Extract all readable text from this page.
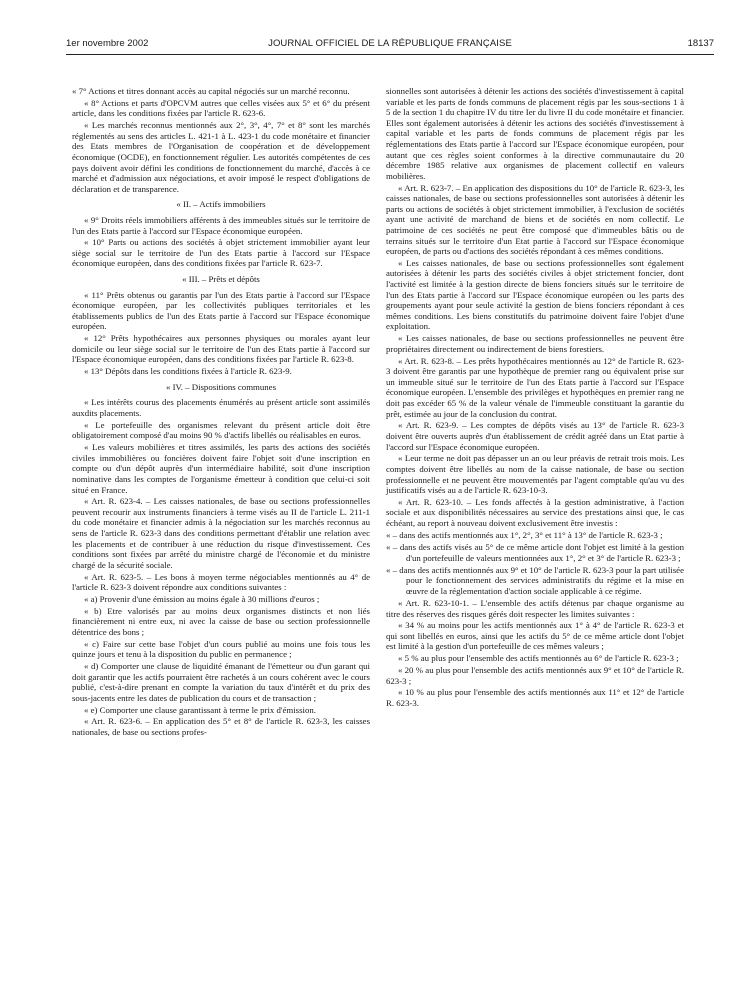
1er novembre 2002	JOURNAL OFFICIEL DE LA RÉPUBLIQUE FRANÇAISE	18137

« 7° Actions et titres donnant accès au capital négociés sur un marché reconnu.

« 8° Actions et parts d'OPCVM autres que celles visées aux 5° et 6° du présent article, dans les conditions fixées par l'article R. 623-6.

« Les marchés reconnus mentionnés aux 2°, 3°, 4°, 7° et 8° sont les marchés réglementés au sens des articles L. 421-1 à L. 423-1 du code monétaire et financier des Etats membres de l'Organisation de coopération et de développement économique (OCDE), en fonctionnement régulier. Les autorités compétentes de ces pays doivent avoir défini les conditions de fonctionnement du marché, d'accès à ce marché et d'admission aux négociations, et avoir imposé le respect d'obligations de déclaration et de transparence.

« II. – Actifs immobiliers

« 9° Droits réels immobiliers afférents à des immeubles situés sur le territoire de l'un des Etats partie à l'accord sur l'Espace économique européen.

« 10° Parts ou actions des sociétés à objet strictement immobilier ayant leur siège social sur le territoire de l'un des Etats partie à l'accord sur l'Espace économique européen, dans des conditions fixées par l'article R. 623-7.

« III. – Prêts et dépôts

« 11° Prêts obtenus ou garantis par l'un des Etats partie à l'accord sur l'Espace économique européen, par les collectivités publiques territoriales et les établissements publics de l'un des Etats partie à l'accord sur l'Espace économique européen.

« 12° Prêts hypothécaires aux personnes physiques ou morales ayant leur domicile ou leur siège social sur le territoire de l'un des Etats partie à l'accord sur l'Espace économique européen, dans des conditions fixées par l'article R. 623-8.

« 13° Dépôts dans les conditions fixées à l'article R. 623-9.

« IV. – Dispositions communes

« Les intérêts courus des placements énumérés au présent article sont assimilés auxdits placements.

« Le portefeuille des organismes relevant du présent article doit être obligatoirement composé d'au moins 90 % d'actifs libellés ou réalisables en euros.

« Les valeurs mobilières et titres assimilés, les parts des actions des sociétés civiles immobilières ou foncières doivent faire l'objet soit d'une inscription en compte ou d'un dépôt auprès d'un intermédiaire habilité, soit d'une inscription nominative dans les comptes de l'organisme émetteur à condition que celui-ci soit situé en France.

« Art. R. 623-4. – Les caisses nationales, de base ou sections professionnelles peuvent recourir aux instruments financiers à terme visés au II de l'article L. 211-1 du code monétaire et financier admis à la négociation sur les marchés reconnus au sens de l'article R. 623-3 dans des conditions permettant d'établir une relation avec les placements et de contribuer à une réduction du risque d'investissement. Ces conditions sont fixées par arrêté du ministre chargé de l'économie et du ministre chargé de la sécurité sociale.

« Art. R. 623-5. – Les bons à moyen terme négociables mentionnés au 4° de l'article R. 623-3 doivent répondre aux conditions suivantes :

« a) Provenir d'une émission au moins égale à 30 millions d'euros ;

« b) Etre valorisés par au moins deux organismes distincts et non liés financièrement ni entre eux, ni avec la caisse de base ou section professionnelle détentrice des bons ;

« c) Faire sur cette base l'objet d'un cours publié au moins une fois tous les quinze jours et tenu à la disposition du public en permanence ;

« d) Comporter une clause de liquidité émanant de l'émetteur ou d'un garant qui doit garantir que les actifs pourraient être rachetés à un cours cohérent avec le cours publié, c'est-à-dire prenant en compte la variation du taux d'intérêt et du prix des sous-jacents entre les dates de publication du cours et de transaction ;

« e) Comporter une clause garantissant à terme le prix d'émission.

« Art. R. 623-6. – En application des 5° et 8° de l'article R. 623-3, les caisses nationales, de base ou sections profes-

sionnelles sont autorisées à détenir les actions des sociétés d'investissement à capital variable et les parts de fonds communs de placement régis par les sous-sections 1 à 5 de la section 1 du chapitre IV du titre Ier du livre II du code monétaire et financier. Elles sont également autorisées à détenir les actions des sociétés d'investissement à capital variable et les parts de fonds communs de placement régis par les réglementations des Etats partie à l'accord sur l'Espace économique européen, pour autant que ces règles soient conformes à la directive communautaire du 20 décembre 1985 relative aux organismes de placement collectif en valeurs mobilières.

« Art. R. 623-7. – En application des dispositions du 10° de l'article R. 623-3, les caisses nationales, de base ou sections professionnelles sont autorisées à détenir les parts ou actions de sociétés à objet strictement immobilier, à l'exclusion de sociétés ayant une activité de marchand de biens et de sociétés en nom collectif. Le patrimoine de ces sociétés ne peut être composé que d'immeubles bâtis ou de terrains situés sur le territoire d'un Etat partie à l'accord sur l'Espace économique européen, de parts ou d'actions des sociétés répondant à ces mêmes conditions.

« Les caisses nationales, de base ou sections professionnelles sont également autorisées à détenir les parts des sociétés civiles à objet strictement foncier, dont l'activité est limitée à la gestion directe de biens fonciers situés sur le territoire de l'un des Etats partie à l'accord sur l'Espace économique européen ou les parts des groupements ayant pour seule activité la gestion de biens fonciers répondant à ces mêmes conditions. Les biens constitutifs du patrimoine doivent faire l'objet d'une exploitation.

« Les caisses nationales, de base ou sections professionnelles ne peuvent être propriétaires directement ou indirectement de biens forestiers.

« Art. R. 623-8. – Les prêts hypothécaires mentionnés au 12° de l'article R. 623-3 doivent être garantis par une hypothèque de premier rang ou équivalent prise sur un immeuble situé sur le territoire de l'un des Etats partie à l'accord sur l'Espace économique européen. L'ensemble des privilèges et hypothèques en premier rang ne doit pas excéder 65 % de la valeur vénale de l'immeuble constituant la garantie du prêt, estimée au jour de la conclusion du contrat.

« Art. R. 623-9. – Les comptes de dépôts visés au 13° de l'article R. 623-3 doivent être ouverts auprès d'un établissement de crédit agréé dans un Etat partie à l'accord sur l'Espace économique européen.

« Leur terme ne doit pas dépasser un an ou leur préavis de retrait trois mois. Les comptes doivent être libellés au nom de la caisse nationale, de base ou section professionnelle et ne peuvent être mouvementés par l'agent comptable qu'au vu des justificatifs visés au a de l'article R. 623-10-3.

« Art. R. 623-10. – Les fonds affectés à la gestion administrative, à l'action sociale et aux disponibilités nécessaires au service des prestations ainsi que, le cas échéant, au report à nouveau doivent exclusivement être investis :

« – dans des actifs mentionnés aux 1°, 2°, 3° et 11° à 13° de l'article R. 623-3 ;

« – dans des actifs visés au 5° de ce même article dont l'objet est limité à la gestion d'un portefeuille de valeurs mentionnées aux 1°, 2° et 3° de l'article R. 623-3 ;

« – dans des actifs mentionnés aux 9° et 10° de l'article R. 623-3 pour la part utilisée pour le fonctionnement des services administratifs du régime et la mise en œuvre de la réglementation d'action sociale applicable à ce régime.

« Art. R. 623-10-1. – L'ensemble des actifs détenus par chaque organisme au titre des réserves des risques gérés doit respecter les limites suivantes :

« 34 % au moins pour les actifs mentionnés aux 1° à 4° de l'article R. 623-3 et qui sont libellés en euros, ainsi que les actifs du 5° de ce même article dont l'objet est limité à la gestion d'un portefeuille de ces mêmes valeurs ;

« 5 % au plus pour l'ensemble des actifs mentionnés au 6° de l'article R. 623-3 ;

« 20 % au plus pour l'ensemble des actifs mentionnés aux 9° et 10° de l'article R. 623-3 ;

« 10 % au plus pour l'ensemble des actifs mentionnés aux 11° et 12° de l'article R. 623-3.
